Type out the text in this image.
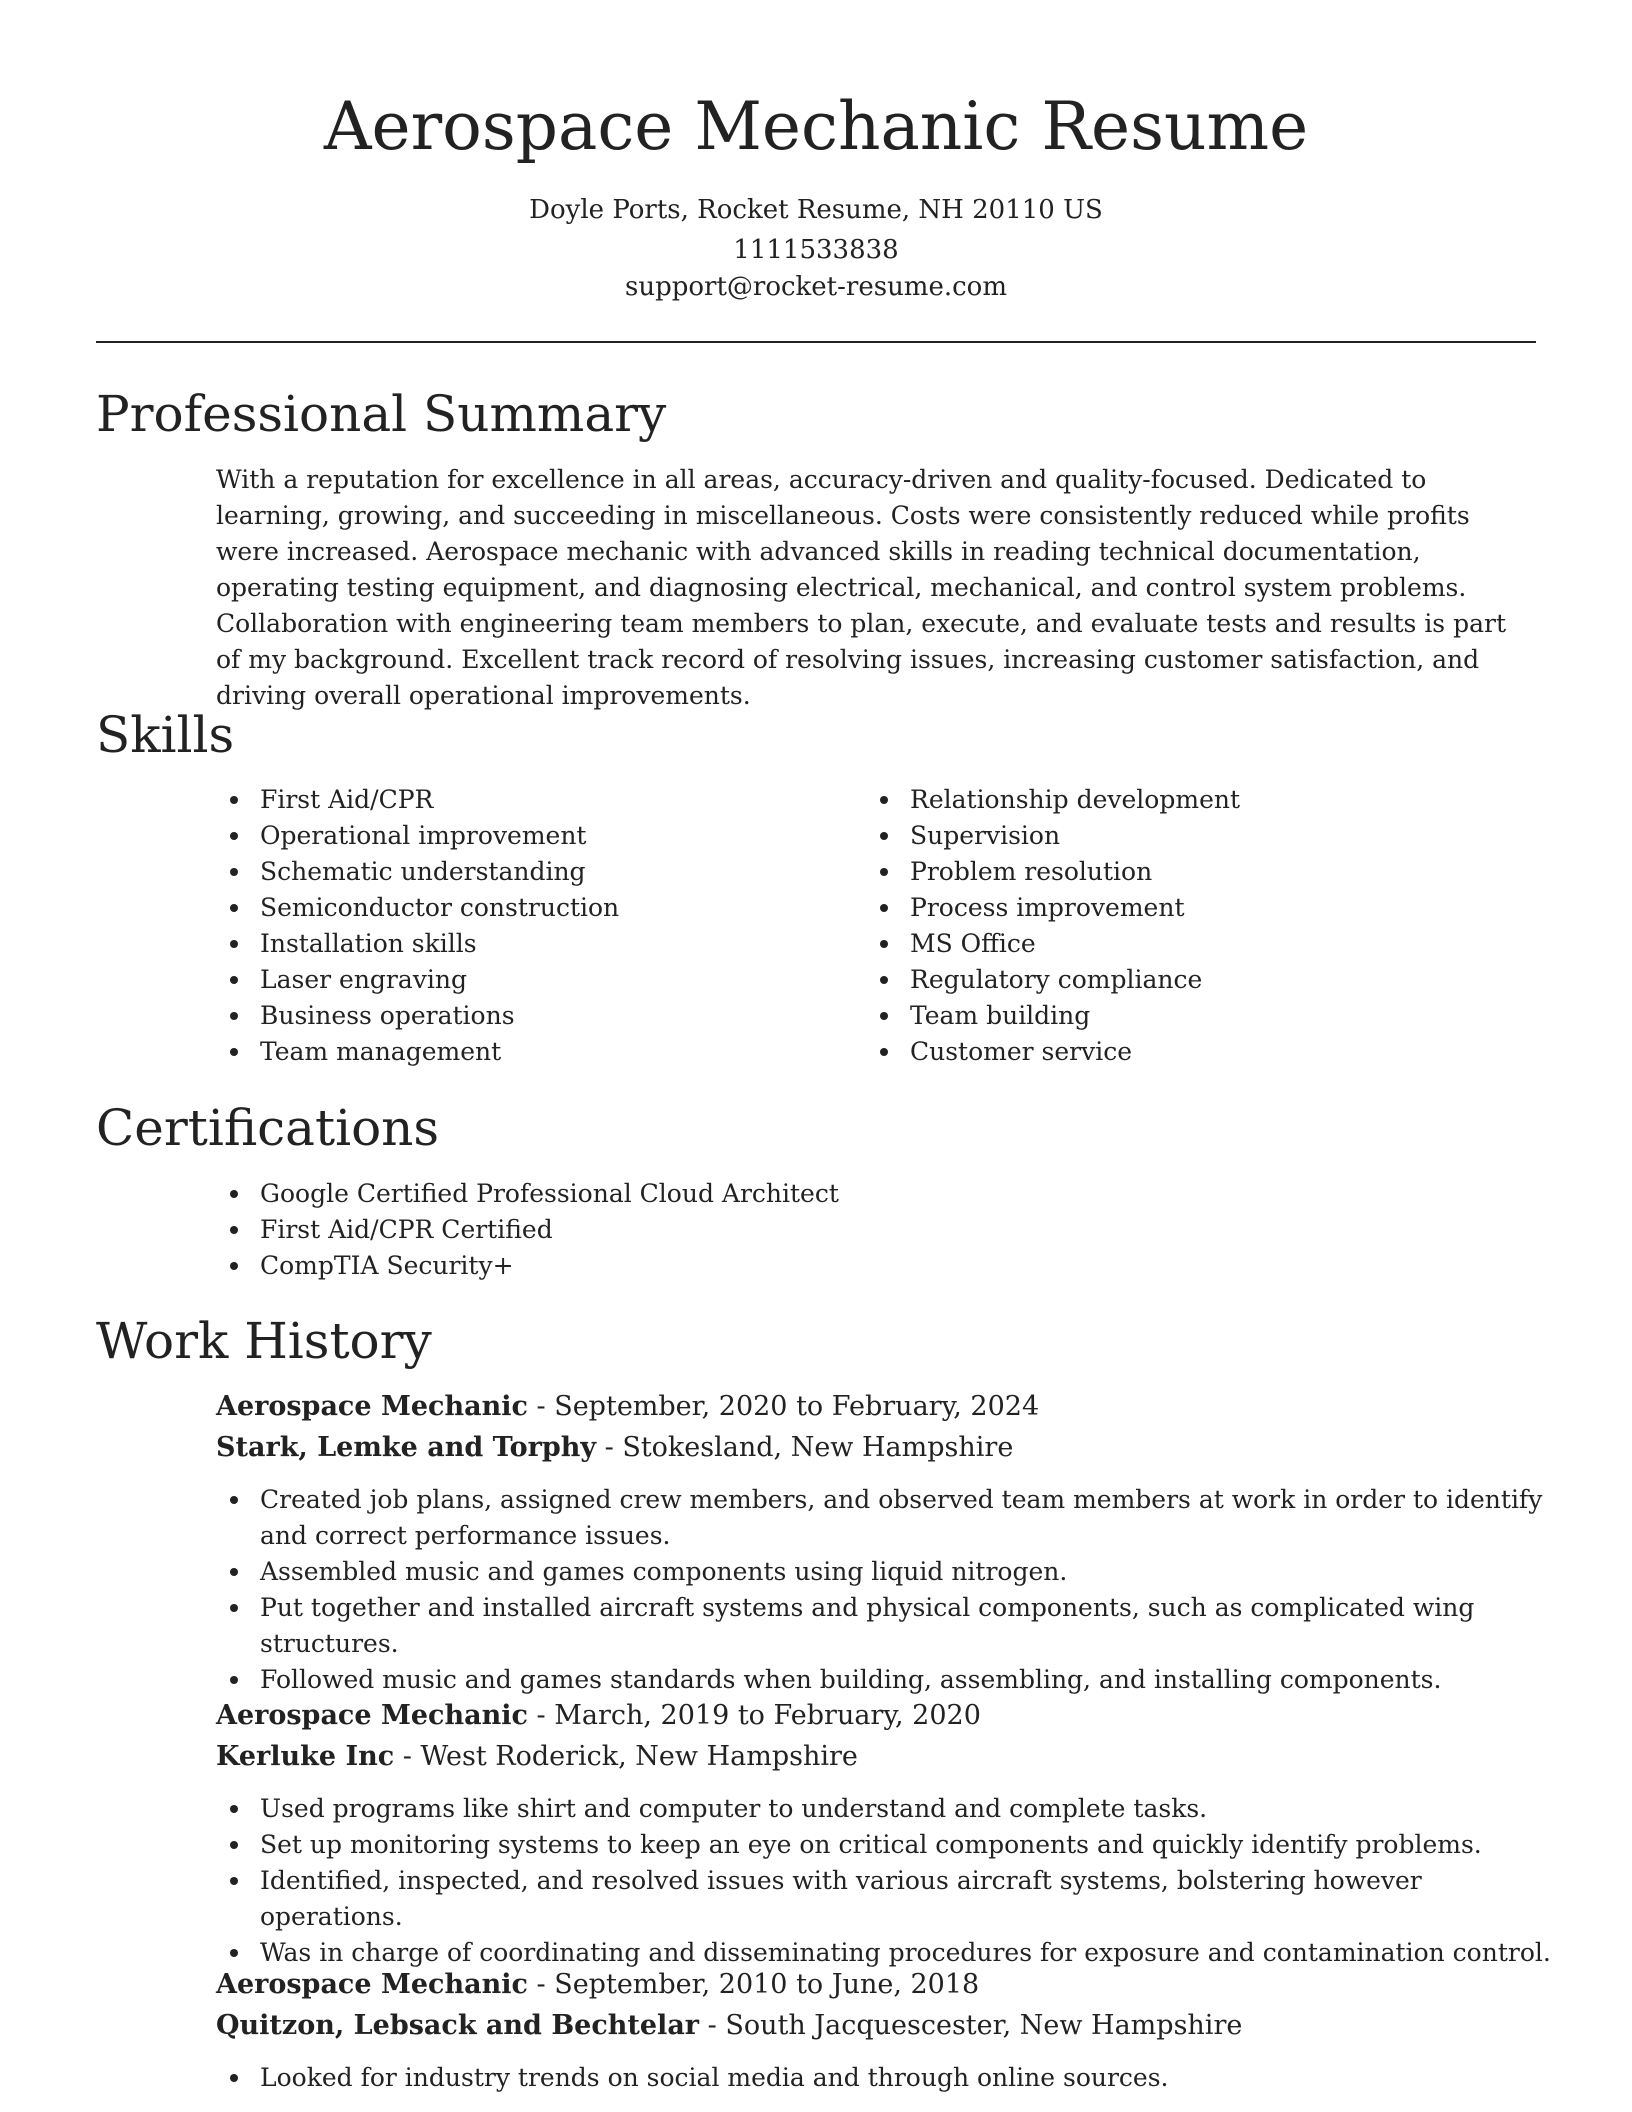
Aerospace Mechanic Resume
Doyle Ports, Rocket Resume, NH 20110 US
1111533838
support@rocket-resume.com
Professional Summary

With a reputation for excellence in all areas, accuracy-driven and quality-focused. Dedicated to learning, growing, and succeeding in miscellaneous. Costs were consistently reduced while profits were increased. Aerospace mechanic with advanced skills in reading technical documentation, operating testing equipment, and diagnosing electrical, mechanical, and control system problems. Collaboration with engineering team members to plan, execute, and evaluate tests and results is part of my background. Excellent track record of resolving issues, increasing customer satisfaction, and driving overall operational improvements.

Skills
First Aid/CPR
Operational improvement
Schematic understanding
Semiconductor construction
Installation skills
Laser engraving
Business operations
Team management
Relationship development
Supervision
Problem resolution
Process improvement
MS Office
Regulatory compliance
Team building
Customer service
Certifications
Google Certified Professional Cloud Architect
First Aid/CPR Certified
CompTIA Security+
Work History
Aerospace Mechanic - September, 2020 to February, 2024
Stark, Lemke and Torphy - Stokesland, New Hampshire
Created job plans, assigned crew members, and observed team members at work in order to identify and correct performance issues.
Assembled music and games components using liquid nitrogen.
Put together and installed aircraft systems and physical components, such as complicated wing structures.
Followed music and games standards when building, assembling, and installing components.
Aerospace Mechanic - March, 2019 to February, 2020
Kerluke Inc - West Roderick, New Hampshire
Used programs like shirt and computer to understand and complete tasks.
Set up monitoring systems to keep an eye on critical components and quickly identify problems.
Identified, inspected, and resolved issues with various aircraft systems, bolstering however operations.
Was in charge of coordinating and disseminating procedures for exposure and contamination control.
Aerospace Mechanic - September, 2010 to June, 2018
Quitzon, Lebsack and Bechtelar - South Jacquescester, New Hampshire
Looked for industry trends on social media and through online sources.
